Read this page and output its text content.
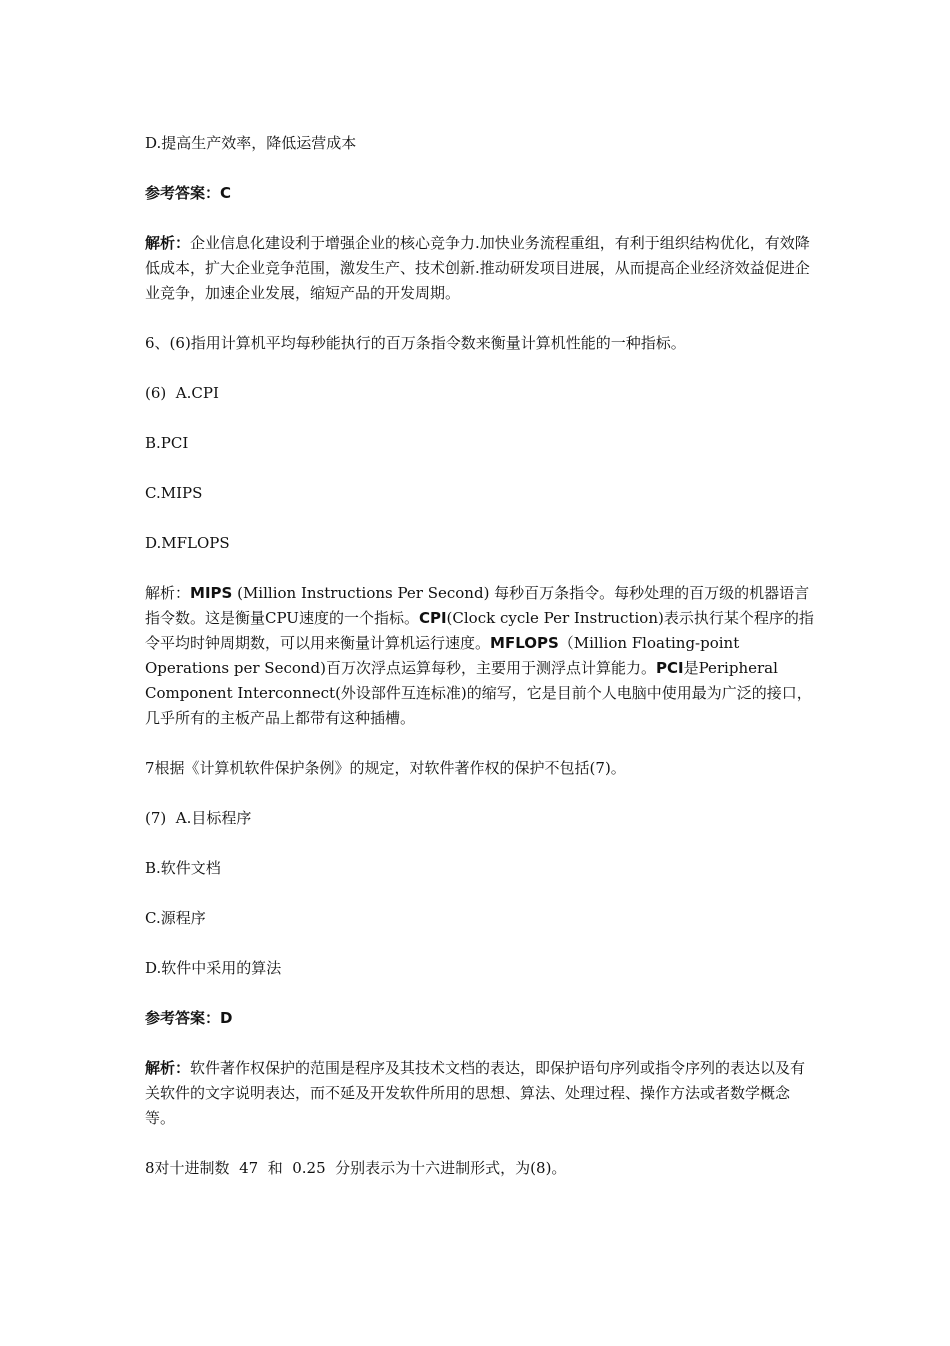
D.提高生产效率，降低运营成本

参考答案：C

解析：企业信息化建设利于增强企业的核心竞争力.加快业务流程重组，有利于组织结构优化，有效降低成本，扩大企业竞争范围，激发生产、技术创新.推动研发项目进展，从而提高企业经济效益促进企业竞争，加速企业发展，缩短产品的开发周期。

6、(6)指用计算机平均每秒能执行的百万条指令数来衡量计算机性能的一种指标。

(6) A.CPI

B.PCI

C.MIPS

D.MFLOPS

解析：MIPS (Million Instructions Per Second) 每秒百万条指令。每秒处理的百万级的机器语言指令数。这是衡量CPU速度的一个指标。CPI(Clock cycle Per Instruction)表示执行某个程序的指令平均时钟周期数，可以用来衡量计算机运行速度。MFLOPS（Million Floating-point Operations per Second)百万次浮点运算每秒，主要用于测浮点计算能力。PCI是Peripheral Component Interconnect(外设部件互连标准)的缩写，它是目前个人电脑中使用最为广泛的接口，几乎所有的主板产品上都带有这种插槽。

7根据《计算机软件保护条例》的规定，对软件著作权的保护不包括(7)。

(7) A.目标程序

B.软件文档

C.源程序

D.软件中采用的算法

参考答案：D

解析：软件著作权保护的范围是程序及其技术文档的表达，即保护语句序列或指令序列的表达以及有关软件的文字说明表达，而不延及开发软件所用的思想、算法、处理过程、操作方法或者数学概念等。

8对十进制数  47  和  0.25  分别表示为十六进制形式，为(8)。
